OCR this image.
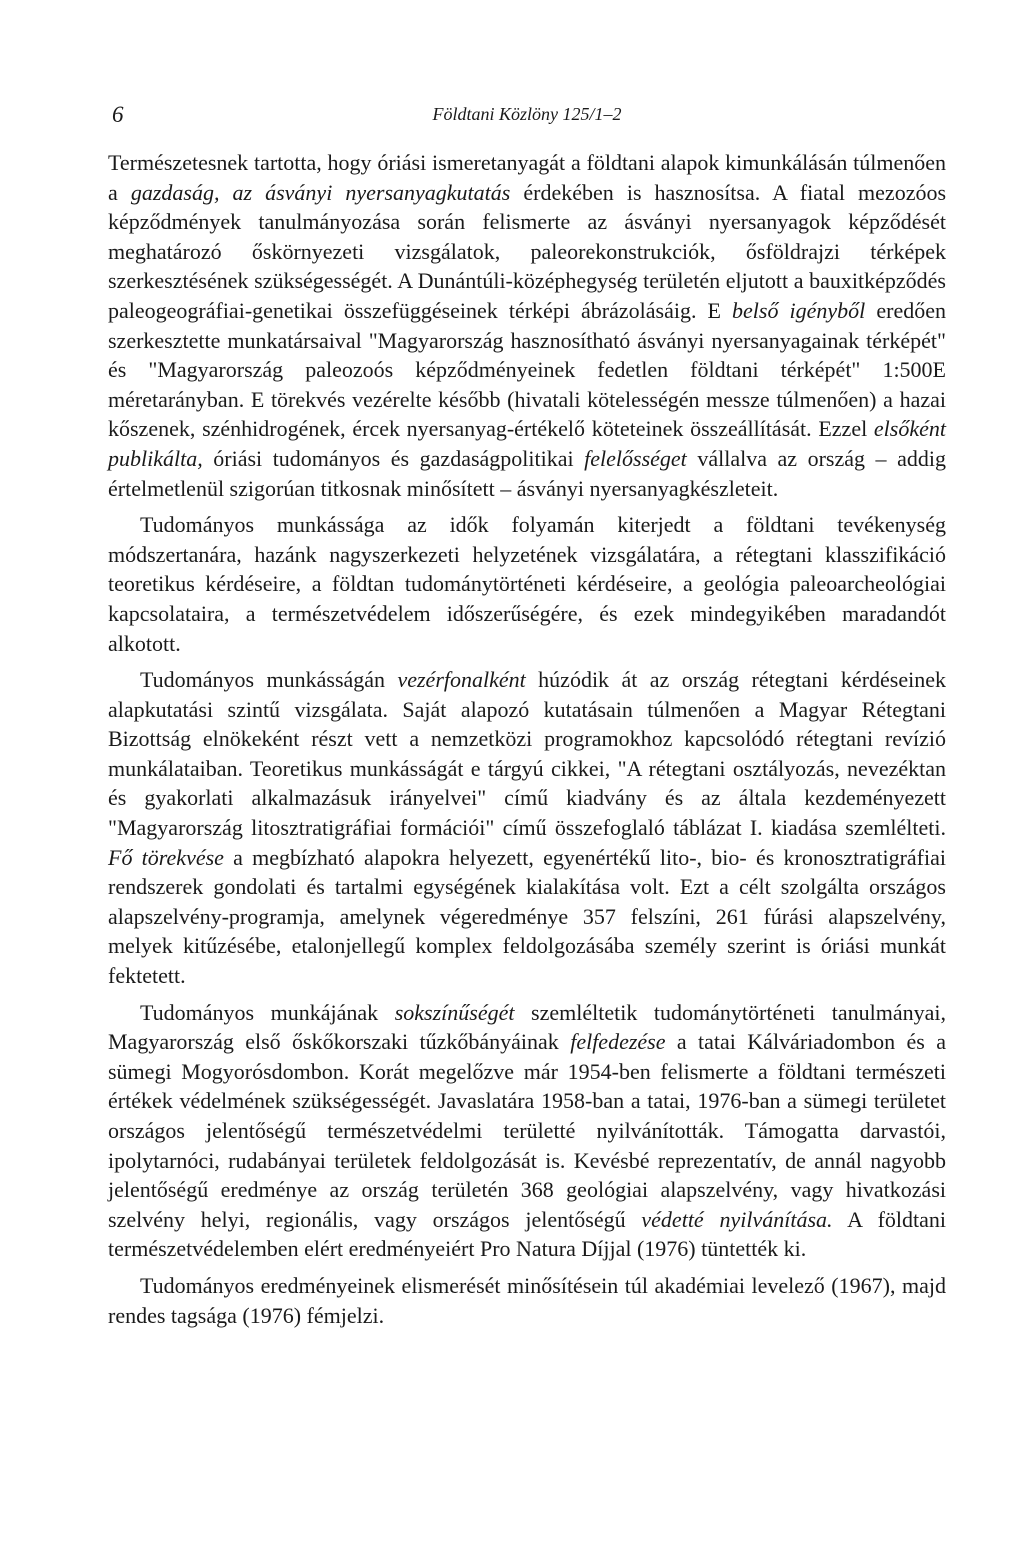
6	Földtani Közlöny 125/1–2

Természetesnek tartotta, hogy óriási ismeretanyagát a földtani alapok kimunkálásán túlmenően a gazdaság, az ásványi nyersanyagkutatás érdekében is hasznosítsa. A fiatal mezozóos képződmények tanulmányozása során felismerte az ásványi nyersanyagok képződését meghatározó őskörnyezeti vizsgálatok, paleorekonstrukciók, ősföldrajzi térképek szerkesztésének szükségességét. A Dunántúli-középhegység területén eljutott a bauxitképződés paleogeográfiai-genetikai összefüggéseinek térképi ábrázolásáig. E belső igényből eredően szerkesztette munkatársaival "Magyarország hasznosítható ásványi nyersanyagainak térképét" és "Magyarország paleozoós képződményeinek fedetlen földtani térképét" 1:500E méretarányban. E törekvés vezérelte később (hivatali kötelességén messze túlmenően) a hazai kőszenek, szénhidrogének, ércek nyersanyag-értékelő köteteinek összeállítását. Ezzel elsőként publikálta, óriási tudományos és gazdaságpolitikai felelősséget vállalva az ország – addig értelmetlenül szigorúan titkosnak minősített – ásványi nyersanyagkészleteit.

Tudományos munkássága az idők folyamán kiterjedt a földtani tevékenység módszertanára, hazánk nagyszerkezeti helyzetének vizsgálatára, a rétegtani klasszifikáció teoretikus kérdéseire, a földtan tudománytörténeti kérdéseire, a geológia paleoarcheológiai kapcsolataira, a természetvédelem időszerűségére, és ezek mindegyikében maradandót alkotott.

Tudományos munkásságán vezérfonalként húzódik át az ország rétegtani kérdéseinek alapkutatási szintű vizsgálata. Saját alapozó kutatásain túlmenően a Magyar Rétegtani Bizottság elnökeként részt vett a nemzetközi programokhoz kapcsolódó rétegtani revízió munkálataiban. Teoretikus munkásságát e tárgyú cikkei, "A rétegtani osztályozás, nevezéktan és gyakorlati alkalmazásuk irányelvei" című kiadvány és az általa kezdeményezett "Magyarország litosztratigráfiai formációi" című összefoglaló táblázat I. kiadása szemlélteti. Fő törekvése a megbízható alapokra helyezett, egyenértékű lito-, bio- és kronosztratigráfiai rendszerek gondolati és tartalmi egységének kialakítása volt. Ezt a célt szolgálta országos alapszelvény-programja, amelynek végeredménye 357 felszíni, 261 fúrási alapszelvény, melyek kitűzésébe, etalonjellegű komplex feldolgozásába személy szerint is óriási munkát fektetett.

Tudományos munkájának sokszínűségét szemléltetik tudománytörténeti tanulmányai, Magyarország első őskőkorszaki tűzkőbányáinak felfedezése a tatai Kálváriadombon és a sümegi Mogyorósdombon. Korát megelőzve már 1954-ben felismerte a földtani természeti értékek védelmének szükségességét. Javaslatára 1958-ban a tatai, 1976-ban a sümegi területet országos jelentőségű természetvédelmi területté nyilvánították. Támogatta darvastói, ipolytarnóci, rudabányai területek feldolgozását is. Kevésbé reprezentatív, de annál nagyobb jelentőségű eredménye az ország területén 368 geológiai alapszelvény, vagy hivatkozási szelvény helyi, regionális, vagy országos jelentőségű védetté nyilvánítása. A földtani természetvédelemben elért eredményeiért Pro Natura Díjjal (1976) tüntették ki.

Tudományos eredményeinek elismerését minősítésein túl akadémiai levelező (1967), majd rendes tagsága (1976) fémjelzi.
